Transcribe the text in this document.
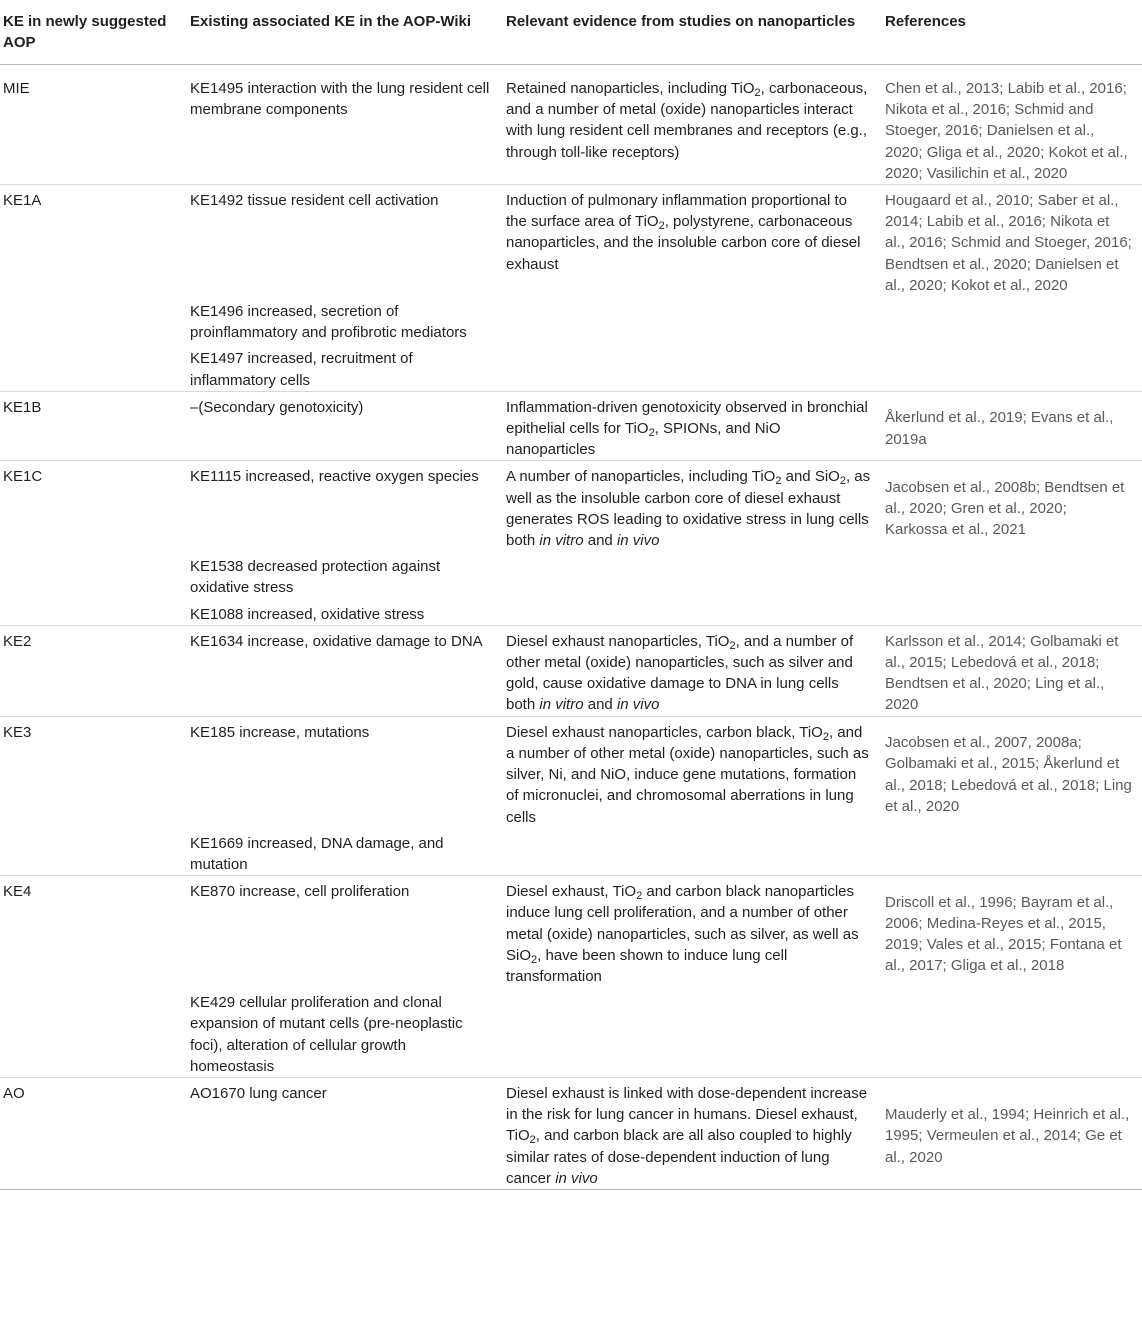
KE in newly suggested AOP	Existing associated KE in the AOP-Wiki	Relevant evidence from studies on nanoparticles	References
MIE	KE1495 interaction with the lung resident cell membrane components	Retained nanoparticles, including TiO$_2$, carbonaceous, and a number of metal (oxide) nanoparticles interact with lung resident cell membranes and receptors (e.g., through toll-like receptors)	Chen et al., 2013; Labib et al., 2016; Nikota et al., 2016; Schmid and Stoeger, 2016; Danielsen et al., 2020; Gliga et al., 2020; Kokot et al., 2020; Vasilichin et al., 2020
KE1A	KE1492 tissue resident cell activation	Induction of pulmonary inflammation proportional to the surface area of TiO$_2$, polystyrene, carbonaceous nanoparticles, and the insoluble carbon core of diesel exhaust	Hougaard et al., 2010; Saber et al., 2014; Labib et al., 2016; Nikota et al., 2016; Schmid and Stoeger, 2016; Bendtsen et al., 2020; Danielsen et al., 2020; Kokot et al., 2020
	KE1496 increased, secretion of proinflammatory and profibrotic mediators		
	KE1497 increased, recruitment of inflammatory cells		
KE1B	–(Secondary genotoxicity)	Inflammation-driven genotoxicity observed in bronchial epithelial cells for TiO$_2$, SPIONs, and NiO nanoparticles	Åkerlund et al., 2019; Evans et al., 2019a
KE1C	KE1115 increased, reactive oxygen species	A number of nanoparticles, including TiO$_2$ and SiO$_2$, as well as the insoluble carbon core of diesel exhaust generates ROS leading to oxidative stress in lung cells both in vitro and in vivo	Jacobsen et al., 2008b; Bendtsen et al., 2020; Gren et al., 2020; Karkossa et al., 2021
	KE1538 decreased protection against oxidative stress		
	KE1088 increased, oxidative stress		
KE2	KE1634 increase, oxidative damage to DNA	Diesel exhaust nanoparticles, TiO$_2$, and a number of other metal (oxide) nanoparticles, such as silver and gold, cause oxidative damage to DNA in lung cells both in vitro and in vivo	Karlsson et al., 2014; Golbamaki et al., 2015; Lebedová et al., 2018; Bendtsen et al., 2020; Ling et al., 2020
KE3	KE185 increase, mutations	Diesel exhaust nanoparticles, carbon black, TiO$_2$, and a number of other metal (oxide) nanoparticles, such as silver, Ni, and NiO, induce gene mutations, formation of micronuclei, and chromosomal aberrations in lung cells	Jacobsen et al., 2007, 2008a; Golbamaki et al., 2015; Åkerlund et al., 2018; Lebedová et al., 2018; Ling et al., 2020
	KE1669 increased, DNA damage, and mutation		
KE4	KE870 increase, cell proliferation	Diesel exhaust, TiO$_2$ and carbon black nanoparticles induce lung cell proliferation, and a number of other metal (oxide) nanoparticles, such as silver, as well as SiO$_2$, have been shown to induce lung cell transformation	Driscoll et al., 1996; Bayram et al., 2006; Medina-Reyes et al., 2015, 2019; Vales et al., 2015; Fontana et al., 2017; Gliga et al., 2018
	KE429 cellular proliferation and clonal expansion of mutant cells (pre-neoplastic foci), alteration of cellular growth homeostasis		
AO	AO1670 lung cancer	Diesel exhaust is linked with dose-dependent increase in the risk for lung cancer in humans. Diesel exhaust, TiO$_2$, and carbon black are all also coupled to highly similar rates of dose-dependent induction of lung cancer in vivo	Mauderly et al., 1994; Heinrich et al., 1995; Vermeulen et al., 2014; Ge et al., 2020
